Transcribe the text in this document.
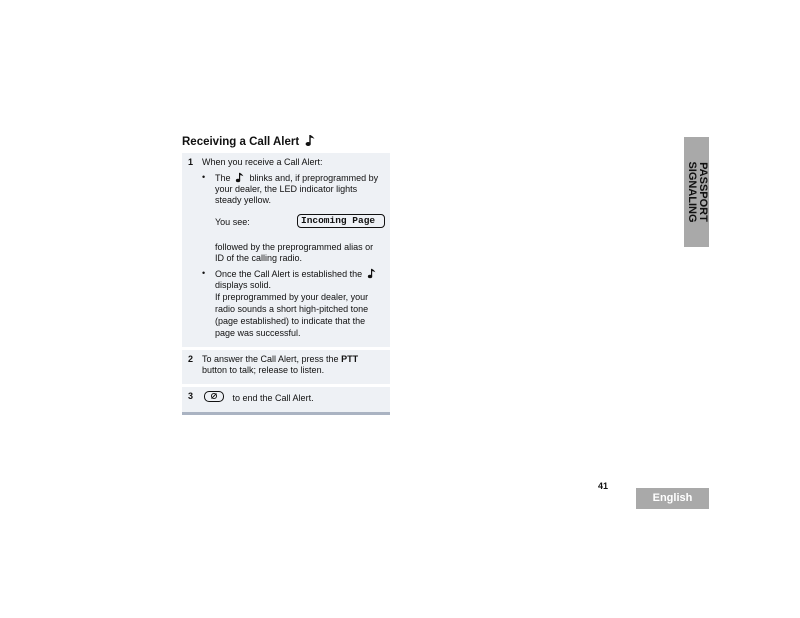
Receiving a Call Alert
1 When you receive a Call Alert:
• The blinks and, if preprogrammed by your dealer, the LED indicator lights steady yellow.
You see:	Incoming Page
followed by the preprogrammed alias or ID of the calling radio.
• Once the Call Alert is established the  displays solid.
If preprogrammed by your dealer, your radio sounds a short high-pitched tone (page established) to indicate that the page was successful.
2 To answer the Call Alert, press the PTT button to talk; release to listen.
3	to end the Call Alert.
PASSPORT
SIGNALING
41
English
